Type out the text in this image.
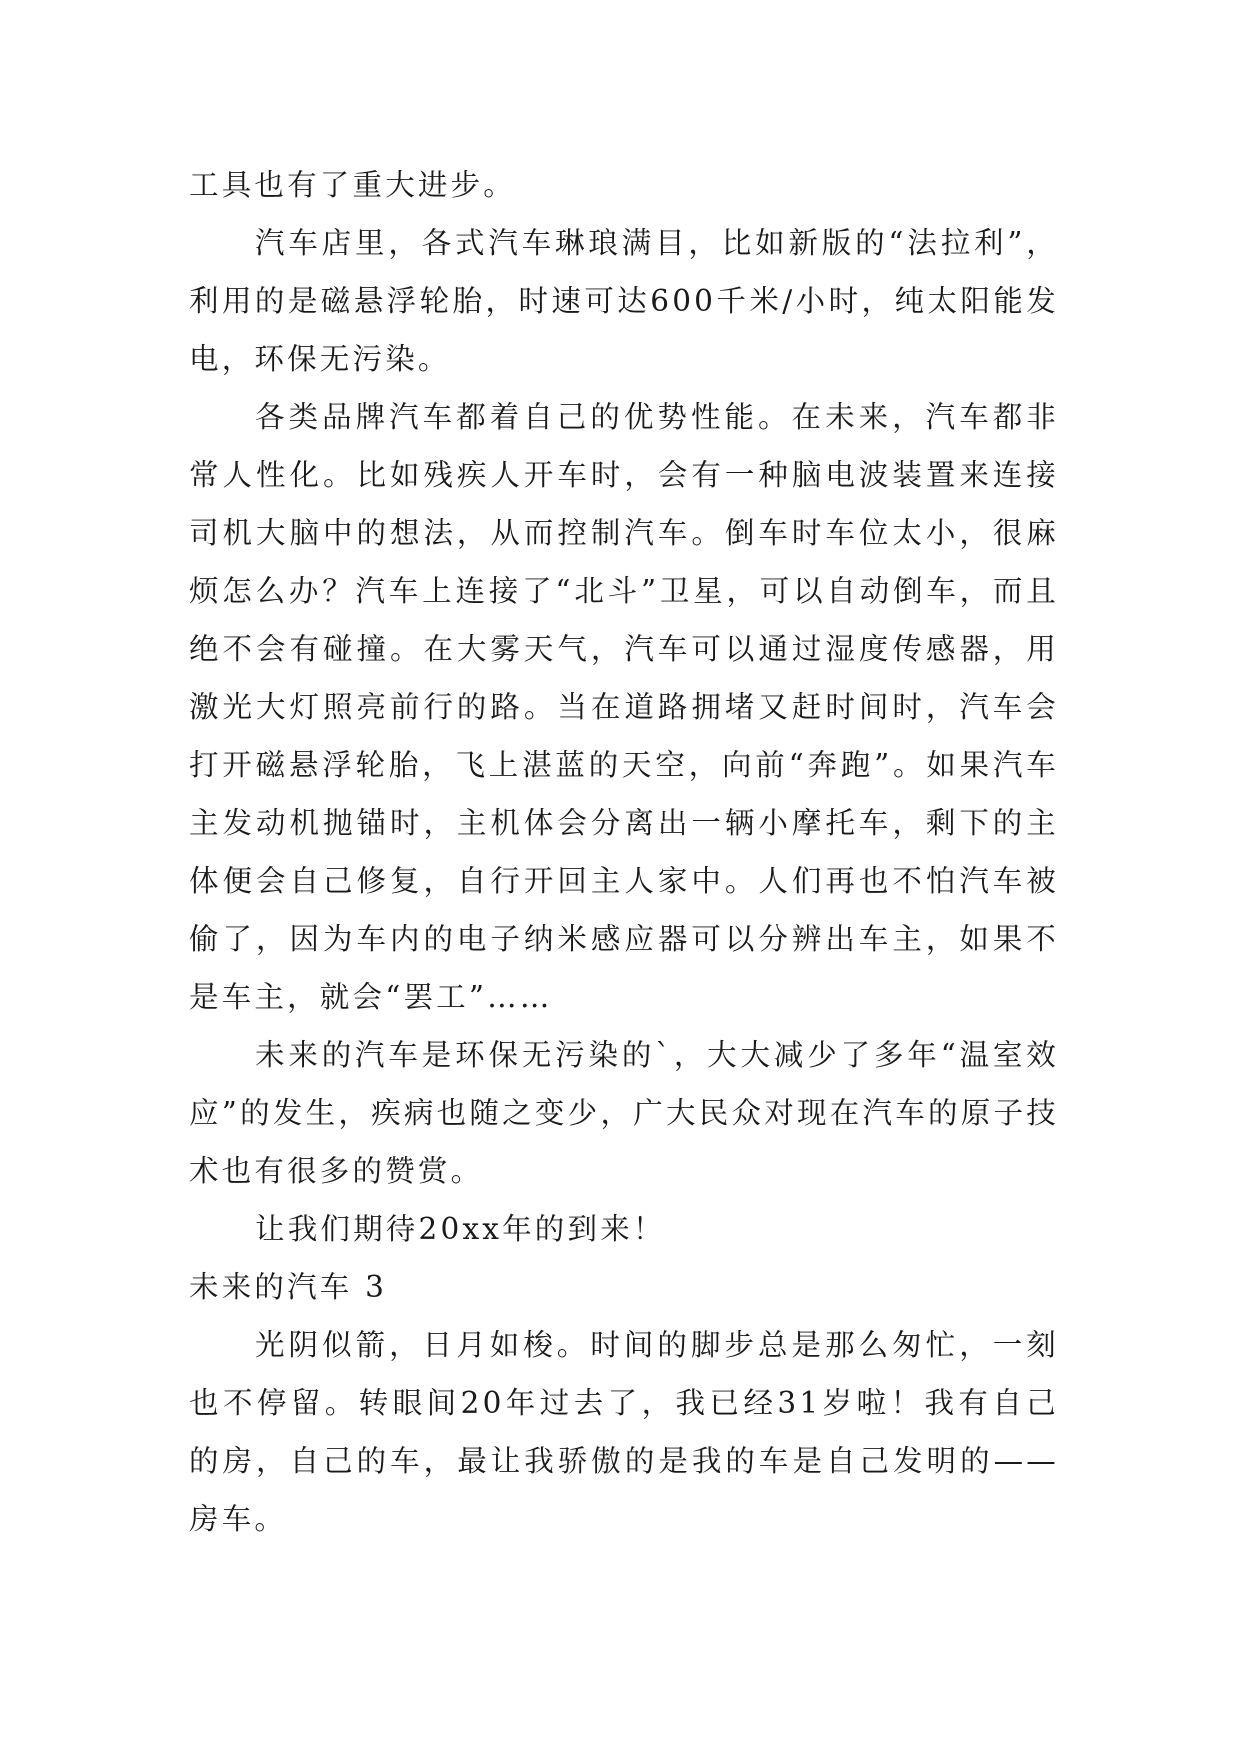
工具也有了重大进步。

汽车店里，各式汽车琳琅满目，比如新版的“法拉利”，利用的是磁悬浮轮胎，时速可达600千米/小时，纯太阳能发电，环保无污染。

各类品牌汽车都着自己的优势性能。在未来，汽车都非常人性化。比如残疾人开车时，会有一种脑电波装置来连接司机大脑中的想法，从而控制汽车。倒车时车位太小，很麻烦怎么办？汽车上连接了“北斗”卫星，可以自动倒车，而且绝不会有碰撞。在大雾天气，汽车可以通过湿度传感器，用激光大灯照亮前行的路。当在道路拥堵又赶时间时，汽车会打开磁悬浮轮胎，飞上湛蓝的天空，向前“奔跑”。如果汽车主发动机抛锚时，主机体会分离出一辆小摩托车，剩下的主体便会自己修复，自行开回主人家中。人们再也不怕汽车被偷了，因为车内的电子纳米感应器可以分辨出车主，如果不是车主，就会“罢工”……

未来的汽车是环保无污染的`，大大减少了多年“温室效应”的发生，疾病也随之变少，广大民众对现在汽车的原子技术也有很多的赞赏。

让我们期待20xx年的到来！

未来的汽车 3

光阴似箭，日月如梭。时间的脚步总是那么匆忙，一刻也不停留。转眼间20年过去了，我已经31岁啦！我有自己的房，自己的车，最让我骄傲的是我的车是自己发明的——房车。
